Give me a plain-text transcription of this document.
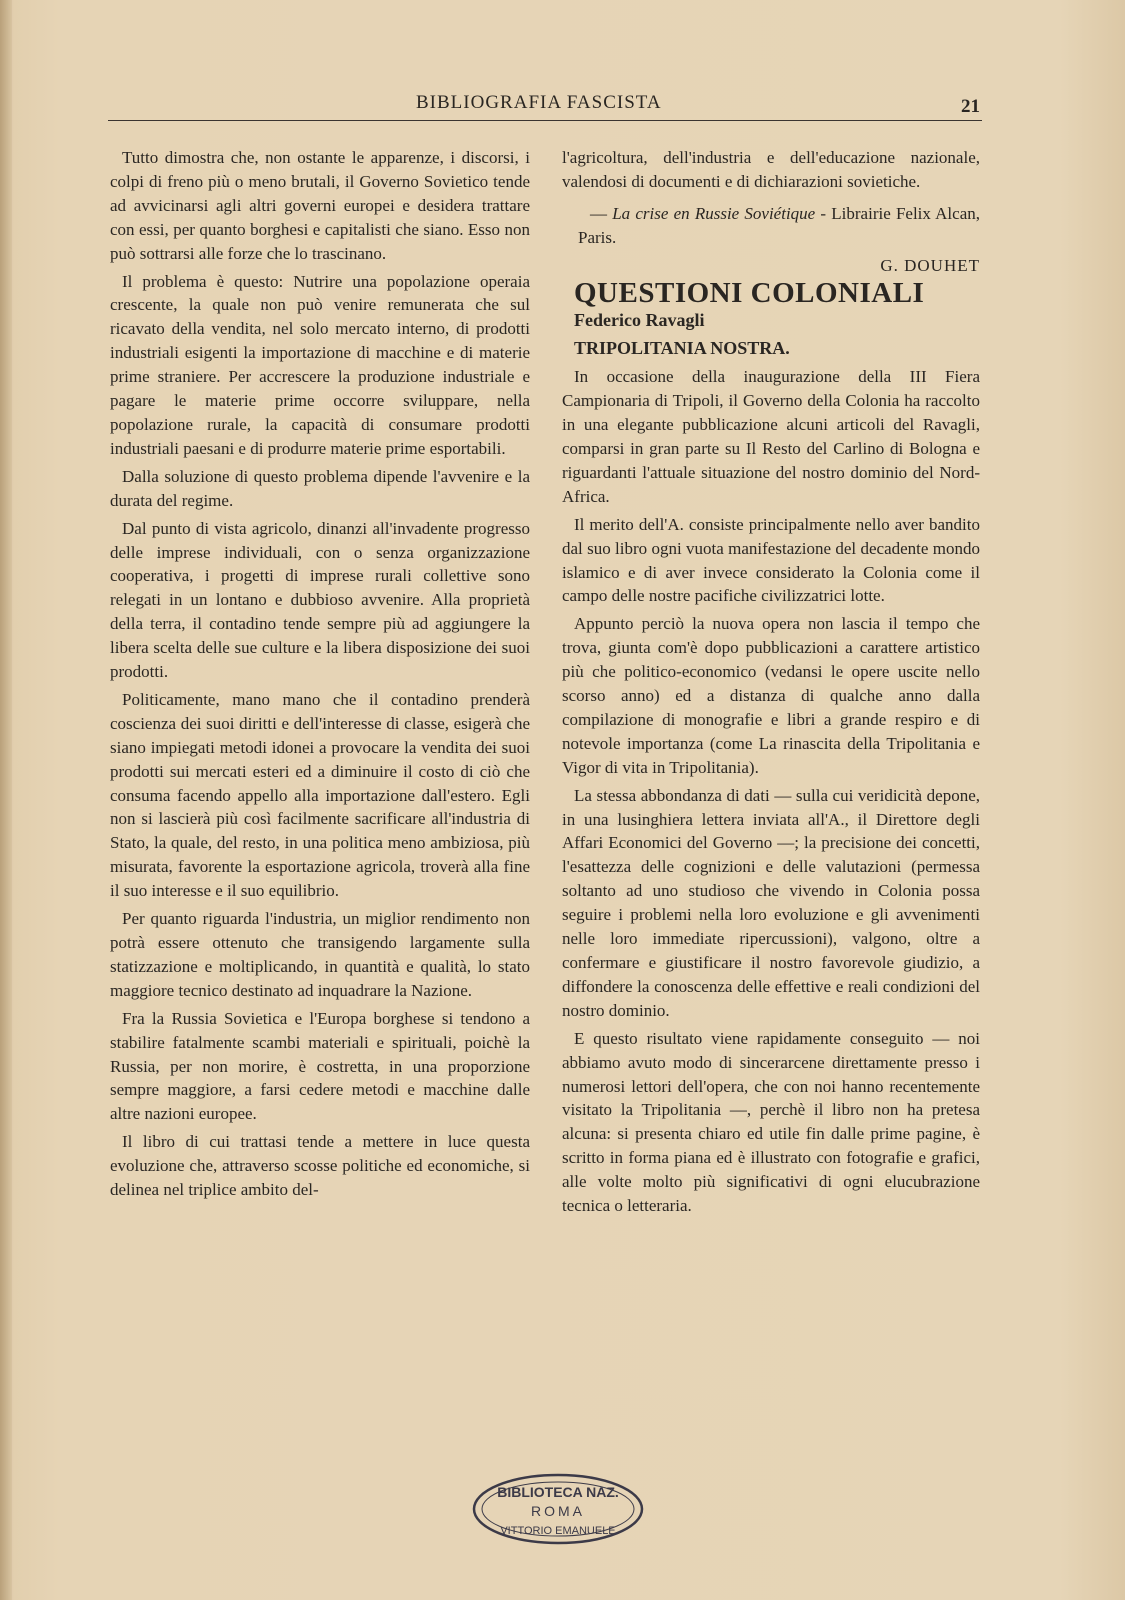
BIBLIOGRAFIA FASCISTA	21

Tutto dimostra che, non ostante le apparenze, i discorsi, i colpi di freno più o meno brutali, il Governo Sovietico tende ad avvicinarsi agli altri governi europei e desidera trattare con essi, per quanto borghesi e capitalisti che siano. Esso non può sottrarsi alle forze che lo trascinano.

Il problema è questo: Nutrire una popolazione operaia crescente, la quale non può venire remunerata che sul ricavato della vendita, nel solo mercato interno, di prodotti industriali esigenti la importazione di macchine e di materie prime straniere. Per accrescere la produzione industriale e pagare le materie prime occorre sviluppare, nella popolazione rurale, la capacità di consumare prodotti industriali paesani e di produrre materie prime esportabili.

Dalla soluzione di questo problema dipende l'avvenire e la durata del regime.

Dal punto di vista agricolo, dinanzi all'invadente progresso delle imprese individuali, con o senza organizzazione cooperativa, i progetti di imprese rurali collettive sono relegati in un lontano e dubbioso avvenire. Alla proprietà della terra, il contadino tende sempre più ad aggiungere la libera scelta delle sue culture e la libera disposizione dei suoi prodotti.

Politicamente, mano mano che il contadino prenderà coscienza dei suoi diritti e dell'interesse di classe, esigerà che siano impiegati metodi idonei a provocare la vendita dei suoi prodotti sui mercati esteri ed a diminuire il costo di ciò che consuma facendo appello alla importazione dall'estero. Egli non si lascierà più così facilmente sacrificare all'industria di Stato, la quale, del resto, in una politica meno ambiziosa, più misurata, favorente la esportazione agricola, troverà alla fine il suo interesse e il suo equilibrio.

Per quanto riguarda l'industria, un miglior rendimento non potrà essere ottenuto che transigendo largamente sulla statizzazione e moltiplicando, in quantità e qualità, lo stato maggiore tecnico destinato ad inquadrare la Nazione.

Fra la Russia Sovietica e l'Europa borghese si tendono a stabilire fatalmente scambi materiali e spirituali, poichè la Russia, per non morire, è costretta, in una proporzione sempre maggiore, a farsi cedere metodi e macchine dalle altre nazioni europee.

Il libro di cui trattasi tende a mettere in luce questa evoluzione che, attraverso scosse politiche ed economiche, si delinea nel triplice ambito del-

l'agricoltura, dell'industria e dell'educazione nazionale, valendosi di documenti e di dichiarazioni sovietiche.

— La crise en Russie Soviétique - Librairie Felix Alcan, Paris.

G. DOUHET

QUESTIONI COLONIALI

Federico Ravagli

TRIPOLITANIA NOSTRA.

In occasione della inaugurazione della III Fiera Campionaria di Tripoli, il Governo della Colonia ha raccolto in una elegante pubblicazione alcuni articoli del Ravagli, comparsi in gran parte su Il Resto del Carlino di Bologna e riguardanti l'attuale situazione del nostro dominio del Nord-Africa.

Il merito dell'A. consiste principalmente nello aver bandito dal suo libro ogni vuota manifestazione del decadente mondo islamico e di aver invece considerato la Colonia come il campo delle nostre pacifiche civilizzatrici lotte.

Appunto perciò la nuova opera non lascia il tempo che trova, giunta com'è dopo pubblicazioni a carattere artistico più che politico-economico (vedansi le opere uscite nello scorso anno) ed a distanza di qualche anno dalla compilazione di monografie e libri a grande respiro e di notevole importanza (come La rinascita della Tripolitania e Vigor di vita in Tripolitania).

La stessa abbondanza di dati — sulla cui veridicità depone, in una lusinghiera lettera inviata all'A., il Direttore degli Affari Economici del Governo —; la precisione dei concetti, l'esattezza delle cognizioni e delle valutazioni (permessa soltanto ad uno studioso che vivendo in Colonia possa seguire i problemi nella loro evoluzione e gli avvenimenti nelle loro immediate ripercussioni), valgono, oltre a confermare e giustificare il nostro favorevole giudizio, a diffondere la conoscenza delle effettive e reali condizioni del nostro dominio.

E questo risultato viene rapidamente conseguito — noi abbiamo avuto modo di sincerarcene direttamente presso i numerosi lettori dell'opera, che con noi hanno recentemente visitato la Tripolitania —, perchè il libro non ha pretesa alcuna: si presenta chiaro ed utile fin dalle prime pagine, è scritto in forma piana ed è illustrato con fotografie e grafici, alle volte molto più significativi di ogni elucubrazione tecnica o letteraria.

BIBLIOTECA NAZ.
ROMA
VITTORIO EMANUELE
